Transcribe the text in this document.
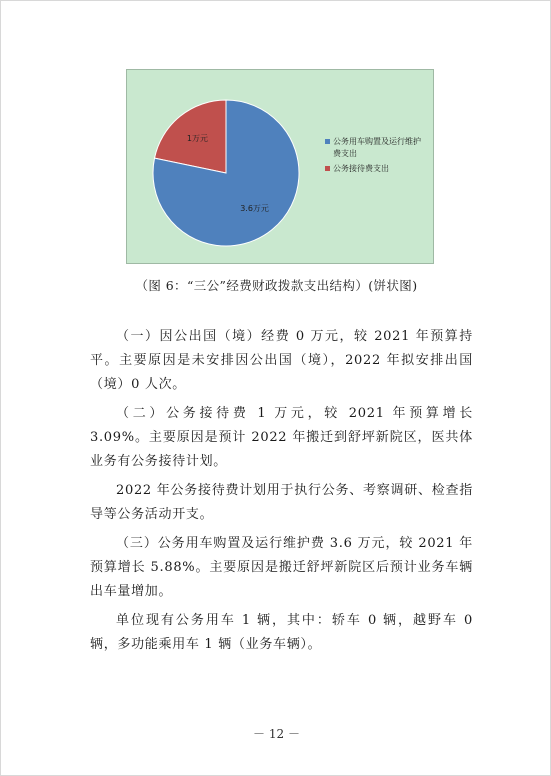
1万元
3.6万元
公务用车购置及运行维护费支出
公务接待费支出
（图 6：“三公”经费财政拨款支出结构）(饼状图)

（一）因公出国（境）经费 0 万元，较 2021 年预算持平。主要原因是未安排因公出国（境），2022 年拟安排出国（境）0 人次。

（二）公务接待费 1 万元，较 2021 年预算增长 3.09%。主要原因是预计 2022 年搬迁到舒坪新院区，医共体业务有公务接待计划。

2022 年公务接待费计划用于执行公务、考察调研、检查指导等公务活动开支。

（三）公务用车购置及运行维护费 3.6 万元，较 2021 年预算增长 5.88%。主要原因是搬迁舒坪新院区后预计业务车辆出车量增加。

单位现有公务用车 1 辆，其中：轿车 0 辆，越野车 0 辆，多功能乘用车 1 辆（业务车辆）。

－ 12 －
